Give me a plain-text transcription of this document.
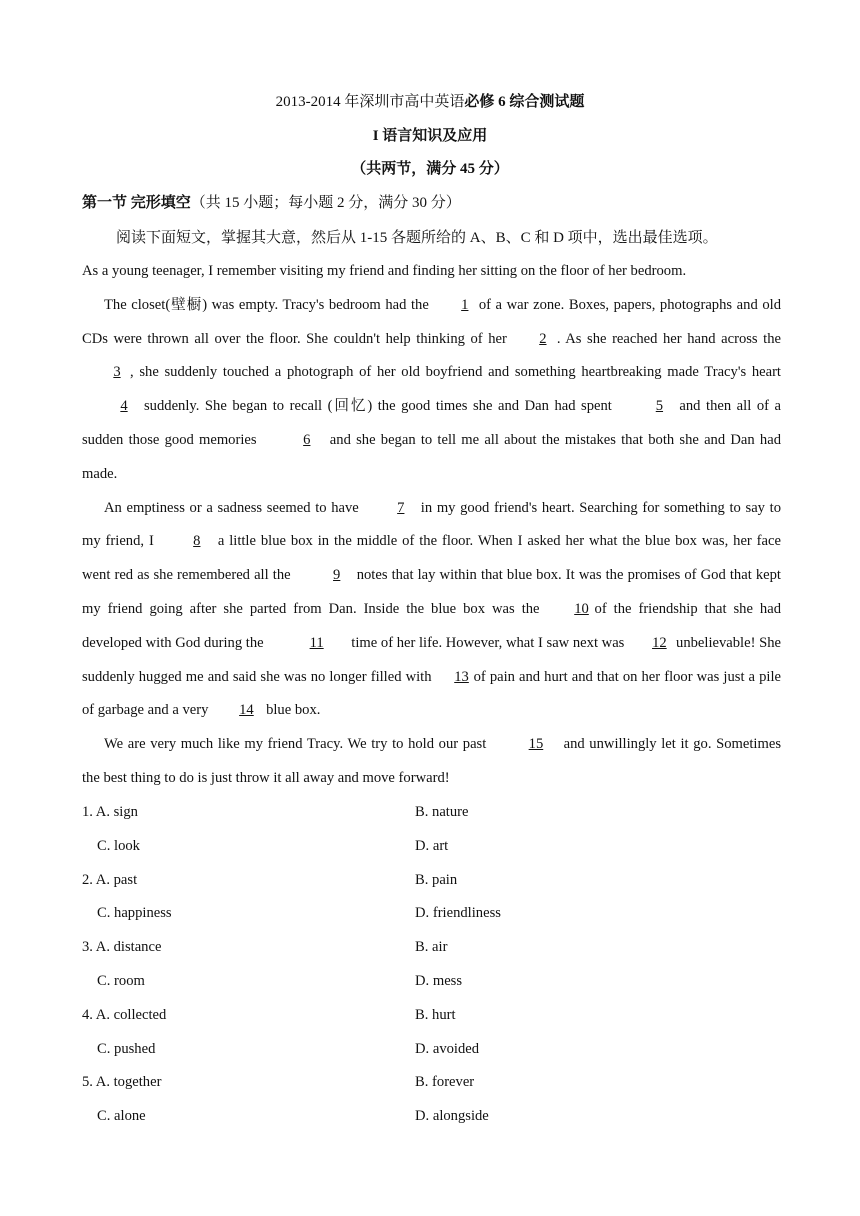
2013-2014 年深圳市高中英语必修 6 综合测试题
I 语言知识及应用
（共两节，满分 45 分）
第一节 完形填空（共 15 小题；每小题 2 分，满分 30 分）
阅读下面短文，掌握其大意，然后从 1-15 各题所给的 A、B、C 和 D 项中，选出最佳选项。

As a young teenager, I remember visiting my friend and finding her sitting on the floor of her bedroom.

The closet(壁橱) was empty. Tracy's bedroom had the 1 of a war zone. Boxes, papers, photographs and old CDs were thrown all over the floor. She couldn't help thinking of her 2 . As she reached her hand across the3 , she suddenly touched a photograph of her old boyfriend and something heartbreaking made Tracy's heart4 suddenly. She began to recall (回忆) the good times she and Dan had spent	5 and then all of a sudden those good memories	6 and she began to tell me all about the mistakes that both she and Dan had made.

An emptiness or a sadness seemed to have	7 in my good friend's heart. Searching for something to say to my friend, I	8 a little blue box in the middle of the floor. When I asked her what the blue box was, her face went red as she remembered all the	9 notes that lay within that blue box. It was the promises of God that kept my friend going after she parted from Dan. Inside the blue box was the 10 of the friendship that she had developed with God during the	11 time of her life. However, what I saw next was 12 unbelievable! She suddenly hugged me and said she was no longer filled with 13 of pain and hurt and that on her floor was just a pile of garbage and a very 14 blue box.

We are very much like my friend Tracy. We try to hold our past	15 and unwillingly let it go. Sometimes the best thing to do is just throw it all away and move forward!

1. A. sign	B. nature
C. look	D. art
2. A. past	B. pain
C. happiness	D. friendliness
3. A. distance	B. air
C. room	D. mess
4. A. collected	B. hurt
C. pushed	D. avoided
5. A. together	B. forever
C. alone	D. alongside
